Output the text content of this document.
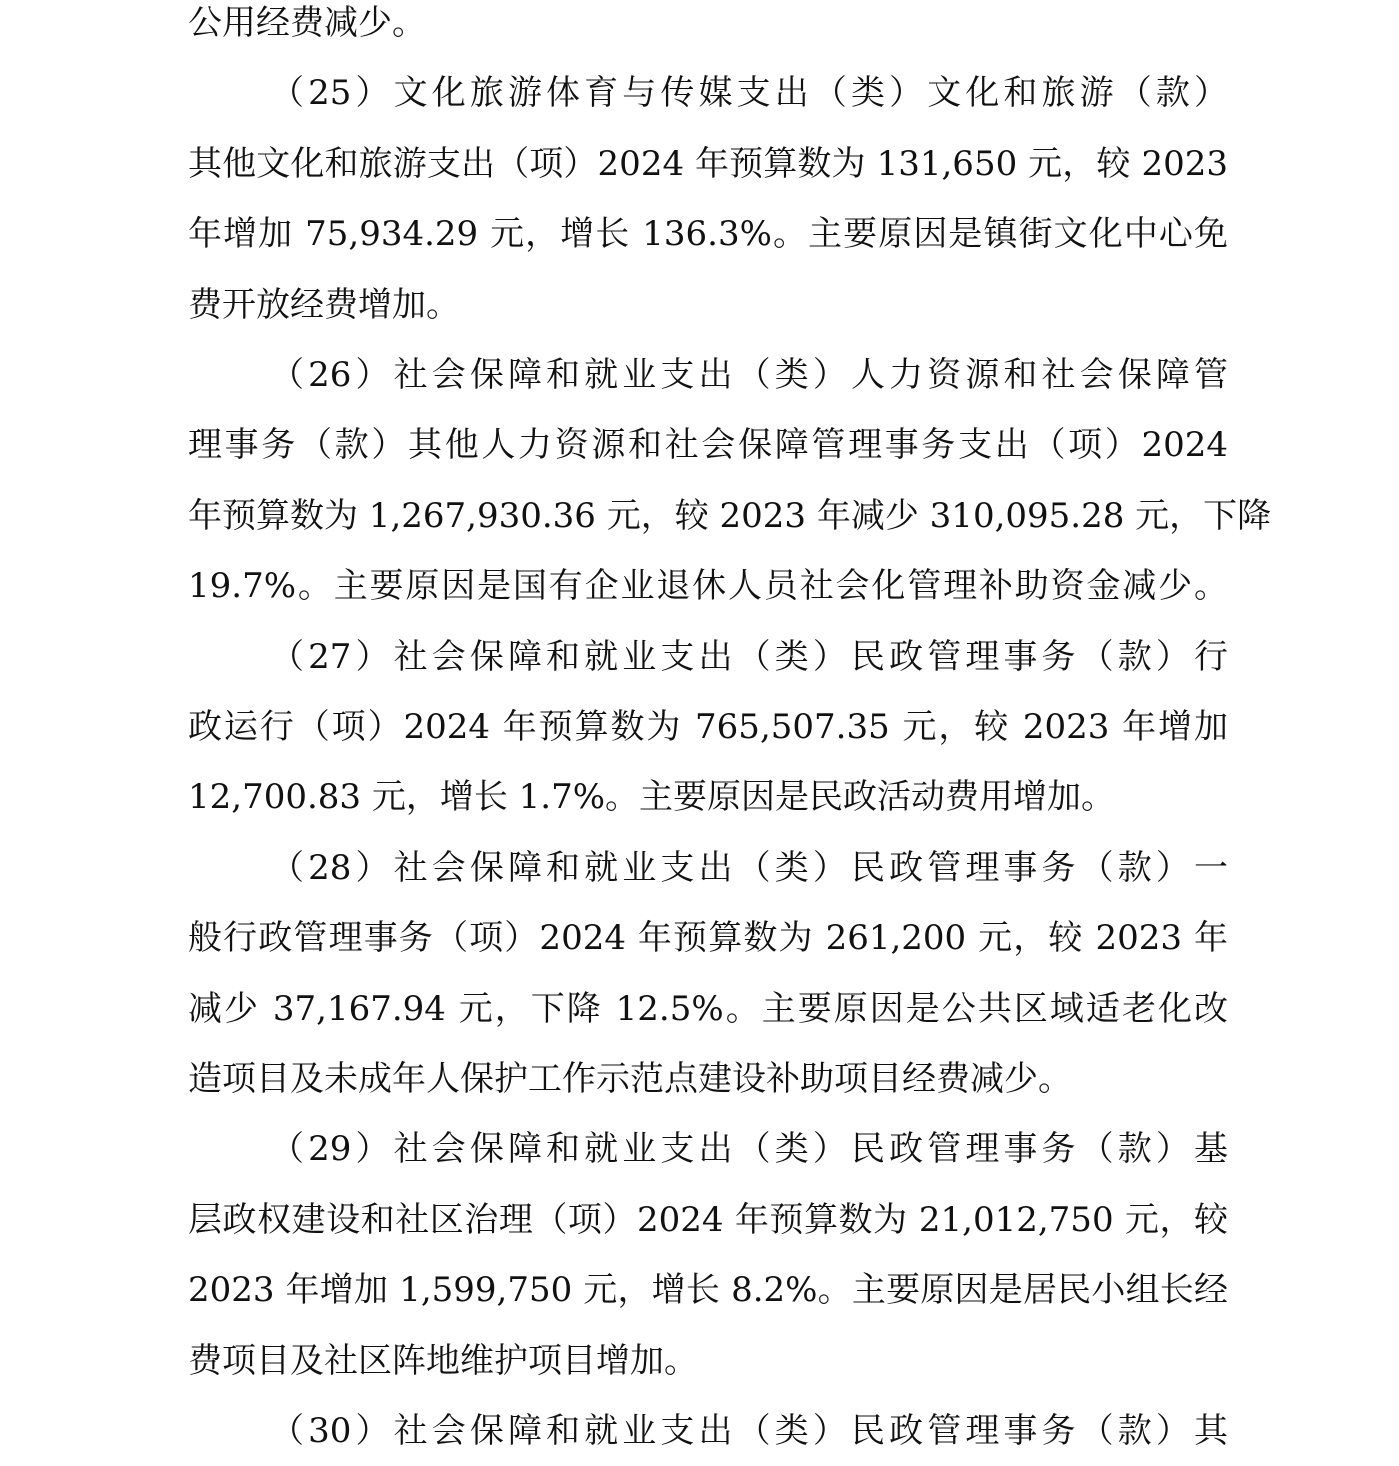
公用经费减少。
（25）文化旅游体育与传媒支出（类）文化和旅游（款）
其他文化和旅游支出（项）2024 年预算数为 131,650 元，较 2023
年增加 75,934.29 元，增长 136.3%。主要原因是镇街文化中心免
费开放经费增加。
（26）社会保障和就业支出（类）人力资源和社会保障管
理事务（款）其他人力资源和社会保障管理事务支出（项）2024
年预算数为 1,267,930.36 元，较 2023 年减少 310,095.28 元，下降
19.7%。主要原因是国有企业退休人员社会化管理补助资金减少。
（27）社会保障和就业支出（类）民政管理事务（款）行
政运行（项）2024 年预算数为 765,507.35 元，较 2023 年增加
12,700.83 元，增长 1.7%。主要原因是民政活动费用增加。
（28）社会保障和就业支出（类）民政管理事务（款）一
般行政管理事务（项）2024 年预算数为 261,200 元，较 2023 年
减少 37,167.94 元，下降 12.5%。主要原因是公共区域适老化改
造项目及未成年人保护工作示范点建设补助项目经费减少。
（29）社会保障和就业支出（类）民政管理事务（款）基
层政权建设和社区治理（项）2024 年预算数为 21,012,750 元，较
2023 年增加 1,599,750 元，增长 8.2%。主要原因是居民小组长经
费项目及社区阵地维护项目增加。
（30）社会保障和就业支出（类）民政管理事务（款）其
